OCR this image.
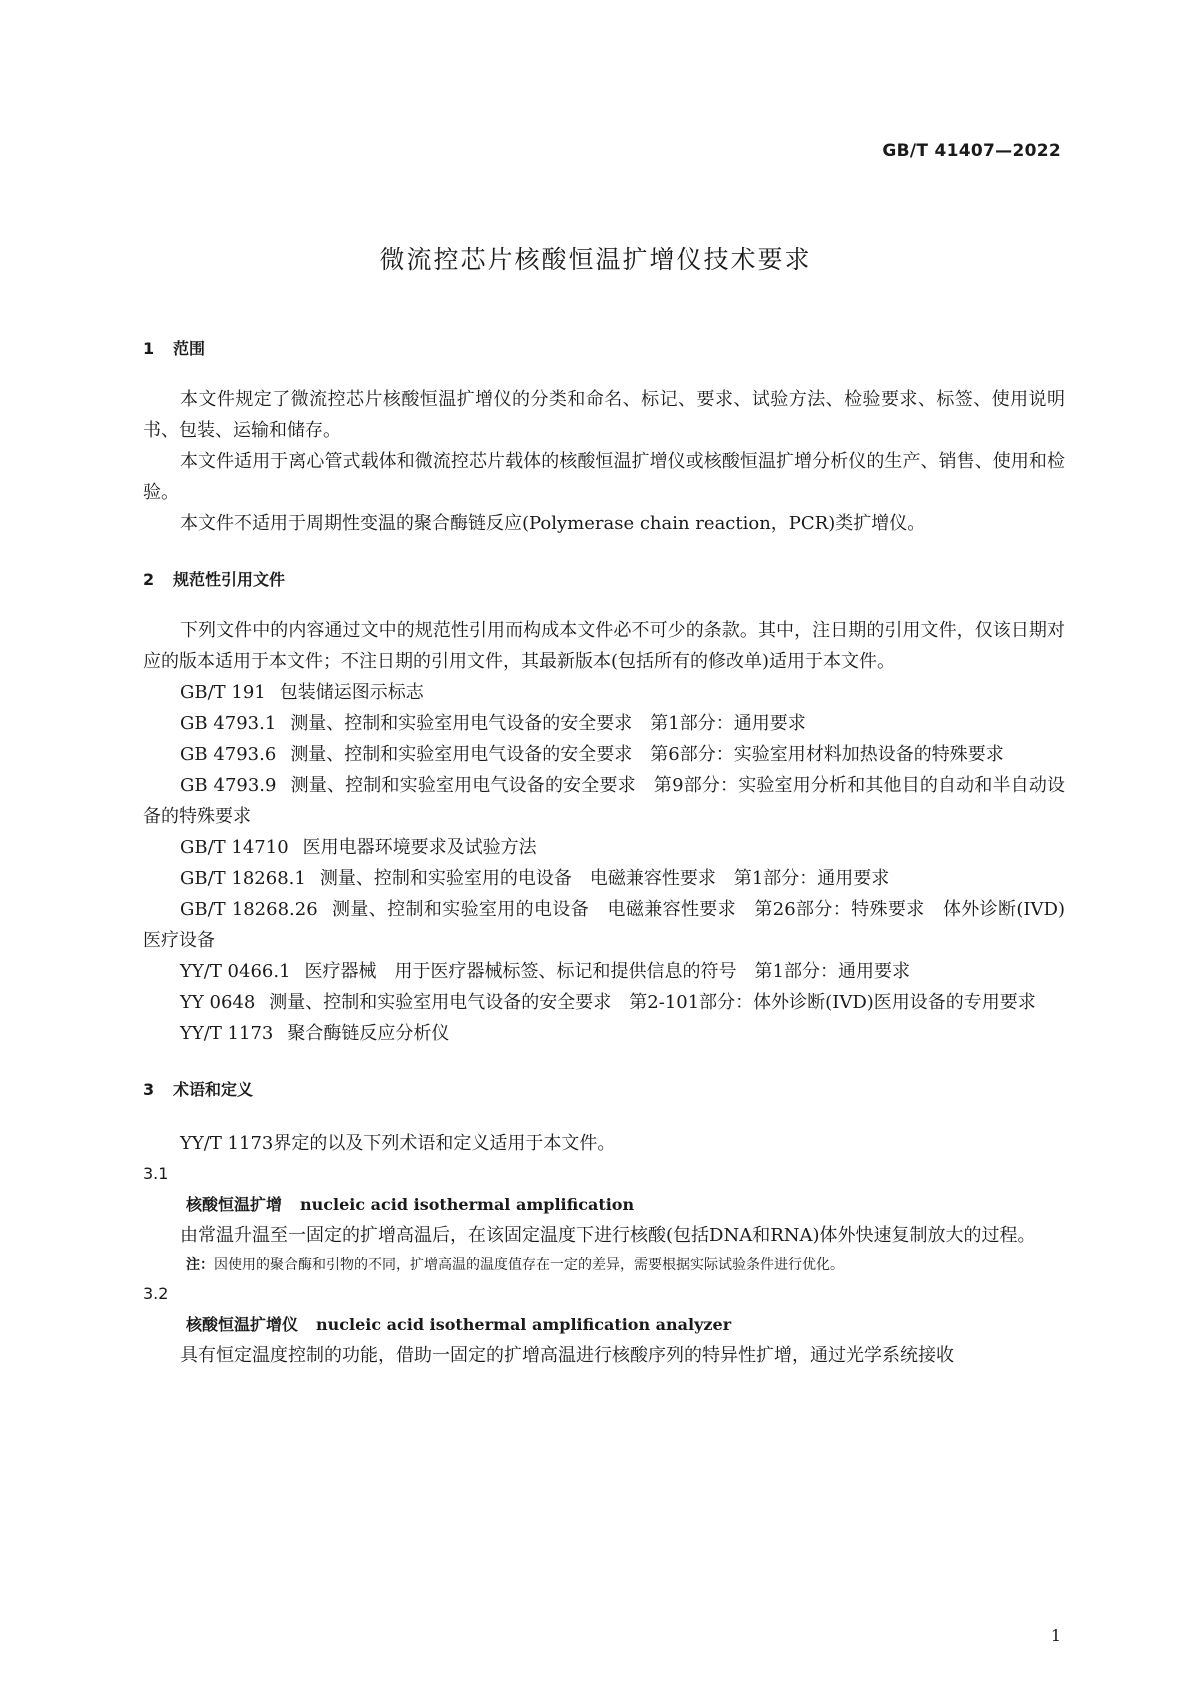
GB/T 41407—2022
微流控芯片核酸恒温扩增仪技术要求
1 范围

本文件规定了微流控芯片核酸恒温扩增仪的分类和命名、标记、要求、试验方法、检验要求、标签、使用说明书、包装、运输和储存。

本文件适用于离心管式载体和微流控芯片载体的核酸恒温扩增仪或核酸恒温扩增分析仪的生产、销售、使用和检验。

本文件不适用于周期性变温的聚合酶链反应(Polymerase chain reaction，PCR)类扩增仪。

2 规范性引用文件

下列文件中的内容通过文中的规范性引用而构成本文件必不可少的条款。其中，注日期的引用文件，仅该日期对应的版本适用于本文件；不注日期的引用文件，其最新版本(包括所有的修改单)适用于本文件。

GB/T 191 包装储运图示标志

GB 4793.1 测量、控制和实验室用电气设备的安全要求　第1部分：通用要求

GB 4793.6 测量、控制和实验室用电气设备的安全要求　第6部分：实验室用材料加热设备的特殊要求

GB 4793.9 测量、控制和实验室用电气设备的安全要求　第9部分：实验室用分析和其他目的自动和半自动设备的特殊要求

GB/T 14710 医用电器环境要求及试验方法

GB/T 18268.1 测量、控制和实验室用的电设备　电磁兼容性要求　第1部分：通用要求

GB/T 18268.26 测量、控制和实验室用的电设备　电磁兼容性要求　第26部分：特殊要求　体外诊断(IVD)医疗设备

YY/T 0466.1 医疗器械　用于医疗器械标签、标记和提供信息的符号　第1部分：通用要求

YY 0648 测量、控制和实验室用电气设备的安全要求　第2-101部分：体外诊断(IVD)医用设备的专用要求

YY/T 1173 聚合酶链反应分析仪

3 术语和定义

YY/T 1173界定的以及下列术语和定义适用于本文件。

3.1
核酸恒温扩增 nucleic acid isothermal amplification

由常温升温至一固定的扩增高温后，在该固定温度下进行核酸(包括DNA和RNA)体外快速复制放大的过程。

注：因使用的聚合酶和引物的不同，扩增高温的温度值存在一定的差异，需要根据实际试验条件进行优化。
3.2
核酸恒温扩增仪 nucleic acid isothermal amplification analyzer

具有恒定温度控制的功能，借助一固定的扩增高温进行核酸序列的特异性扩增，通过光学系统接收

1
